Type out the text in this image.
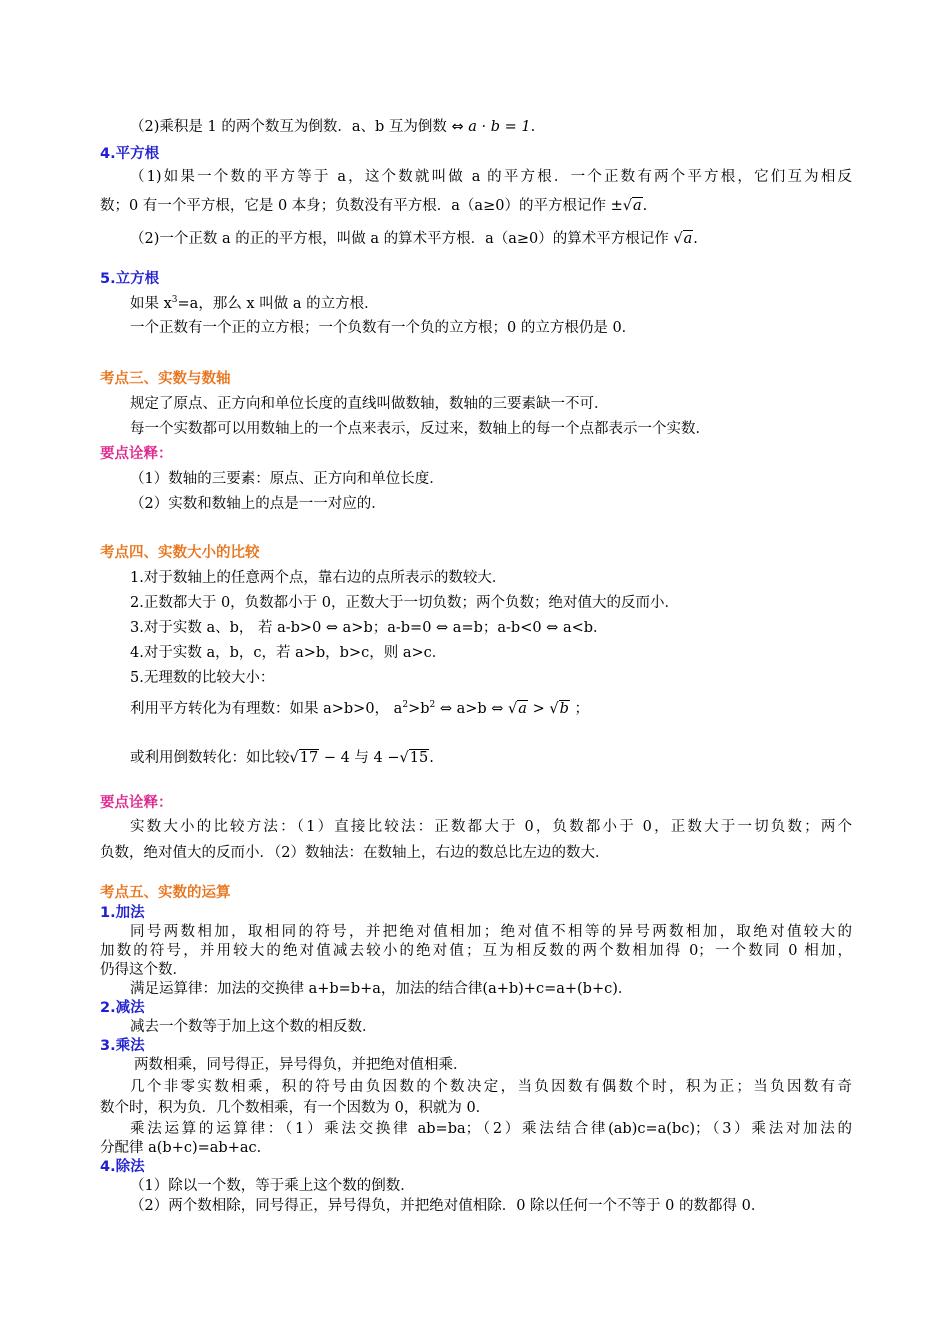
（2)乘积是 1 的两个数互为倒数．a、b 互为倒数 ⇔ a · b = 1.
4.平方根
（1)如果一个数的平方等于 a，这个数就叫做 a 的平方根．一个正数有两个平方根，它们互为相反
数；0 有一个平方根，它是 0 本身；负数没有平方根．a（a≥0）的平方根记作 ±√a.
（2)一个正数 a 的正的平方根，叫做 a 的算术平方根．a（a≥0）的算术平方根记作 √a.
5.立方根
如果 $x^3=a$，那么 x 叫做 a 的立方根．
一个正数有一个正的立方根；一个负数有一个负的立方根；0 的立方根仍是 0．
考点三、实数与数轴
规定了原点、正方向和单位长度的直线叫做数轴，数轴的三要素缺一不可．
每一个实数都可以用数轴上的一个点来表示，反过来，数轴上的每一个点都表示一个实数．
要点诠释：
（1）数轴的三要素：原点、正方向和单位长度．
（2）实数和数轴上的点是一一对应的．
考点四、实数大小的比较
1.对于数轴上的任意两个点，靠右边的点所表示的数较大．
2.正数都大于 0，负数都小于 0，正数大于一切负数；两个负数；绝对值大的反而小．
3.对于实数 a、b， 若 a-b>0 ⇔ a>b；a-b=0 ⇔ a=b；a-b<0 ⇔ a<b．
4.对于实数 a，b，c，若 a>b，b>c，则 a>c．
5.无理数的比较大小：
利用平方转化为有理数：如果 a>b>0， $a^2>b^2$ ⇔ a>b ⇔ √a > √b ；
或利用倒数转化：如比较√17 − 4 与 4 −√15.
要点诠释：
实数大小的比较方法：（1）直接比较法：正数都大于 0，负数都小于 0，正数大于一切负数；两个
负数，绝对值大的反而小．（2）数轴法：在数轴上，右边的数总比左边的数大．
考点五、实数的运算
1.加法
同号两数相加，取相同的符号，并把绝对值相加；绝对值不相等的异号两数相加，取绝对值较大的
加数的符号，并用较大的绝对值减去较小的绝对值；互为相反数的两个数相加得 0；一个数同 0 相加，
仍得这个数．
满足运算律：加法的交换律 a+b=b+a，加法的结合律(a+b)+c=a+(b+c)．
2.减法
减去一个数等于加上这个数的相反数．
3.乘法
两数相乘，同号得正，异号得负，并把绝对值相乘．
几个非零实数相乘，积的符号由负因数的个数决定，当负因数有偶数个时，积为正；当负因数有奇
数个时，积为负．几个数相乘，有一个因数为 0，积就为 0．
乘法运算的运算律：（1）乘法交换律 ab=ba；（2）乘法结合律(ab)c=a(bc)；（3）乘法对加法的
分配律 a(b+c)=ab+ac．
4.除法
（1）除以一个数，等于乘上这个数的倒数．
（2）两个数相除，同号得正，异号得负，并把绝对值相除．0 除以任何一个不等于 0 的数都得 0．
